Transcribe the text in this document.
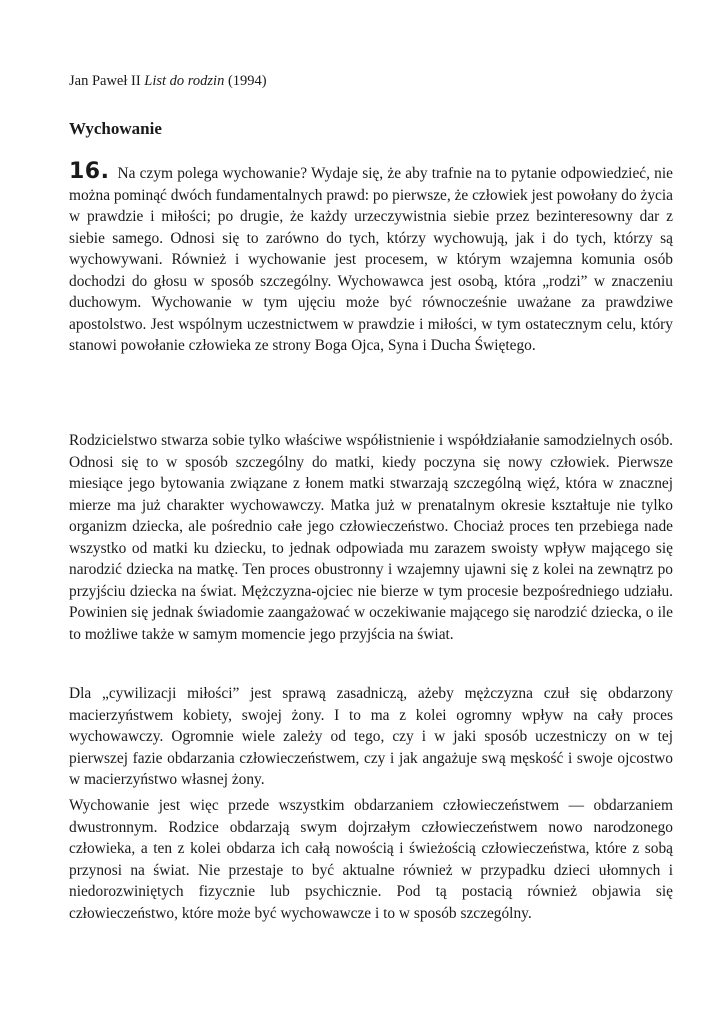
Jan Paweł II List do rodzin (1994)
Wychowanie
16. Na czym polega wychowanie? Wydaje się, że aby trafnie na to pytanie odpowiedzieć, nie można pominąć dwóch fundamentalnych prawd: po pierwsze, że człowiek jest powołany do życia w prawdzie i miłości; po drugie, że każdy urzeczywistnia siebie przez bezinteresowny dar z siebie samego. Odnosi się to zarówno do tych, którzy wychowują, jak i do tych, którzy są wychowywani. Również i wychowanie jest procesem, w którym wzajemna komunia osób dochodzi do głosu w sposób szczególny. Wychowawca jest osobą, która „rodzi” w znaczeniu duchowym. Wychowanie w tym ujęciu może być równocześnie uważane za prawdziwe apostolstwo. Jest wspólnym uczestnictwem w prawdzie i miłości, w tym ostatecznym celu, który stanowi powołanie człowieka ze strony Boga Ojca, Syna i Ducha Świętego.
Rodzicielstwo stwarza sobie tylko właściwe współistnienie i współdziałanie samodzielnych osób. Odnosi się to w sposób szczególny do matki, kiedy poczyna się nowy człowiek. Pierwsze miesiące jego bytowania związane z łonem matki stwarzają szczególną więź, która w znacznej mierze ma już charakter wychowawczy. Matka już w prenatalnym okresie kształtuje nie tylko organizm dziecka, ale pośrednio całe jego człowieczeństwo. Chociaż proces ten przebiega nade wszystko od matki ku dziecku, to jednak odpowiada mu zarazem swoisty wpływ mającego się narodzić dziecka na matkę. Ten proces obustronny i wzajemny ujawni się z kolei na zewnątrz po przyjściu dziecka na świat. Mężczyzna-ojciec nie bierze w tym procesie bezpośredniego udziału. Powinien się jednak świadomie zaangażować w oczekiwanie mającego się narodzić dziecka, o ile to możliwe także w samym momencie jego przyjścia na świat.
Dla „cywilizacji miłości” jest sprawą zasadniczą, ażeby mężczyzna czuł się obdarzony macierzyństwem kobiety, swojej żony. I to ma z kolei ogromny wpływ na cały proces wychowawczy. Ogromnie wiele zależy od tego, czy i w jaki sposób uczestniczy on w tej pierwszej fazie obdarzania człowieczeństwem, czy i jak angażuje swą męskość i swoje ojcostwo w macierzyństwo własnej żony.
Wychowanie jest więc przede wszystkim obdarzaniem człowieczeństwem — obdarzaniem dwustronnym. Rodzice obdarzają swym dojrzałym człowieczeństwem nowo narodzonego człowieka, a ten z kolei obdarza ich całą nowością i świeżością człowieczeństwa, które z sobą przynosi na świat. Nie przestaje to być aktualne również w przypadku dzieci ułomnych i niedorozwiniętych fizycznie lub psychicznie. Pod tą postacią również objawia się człowieczeństwo, które może być wychowawcze i to w sposób szczególny.
